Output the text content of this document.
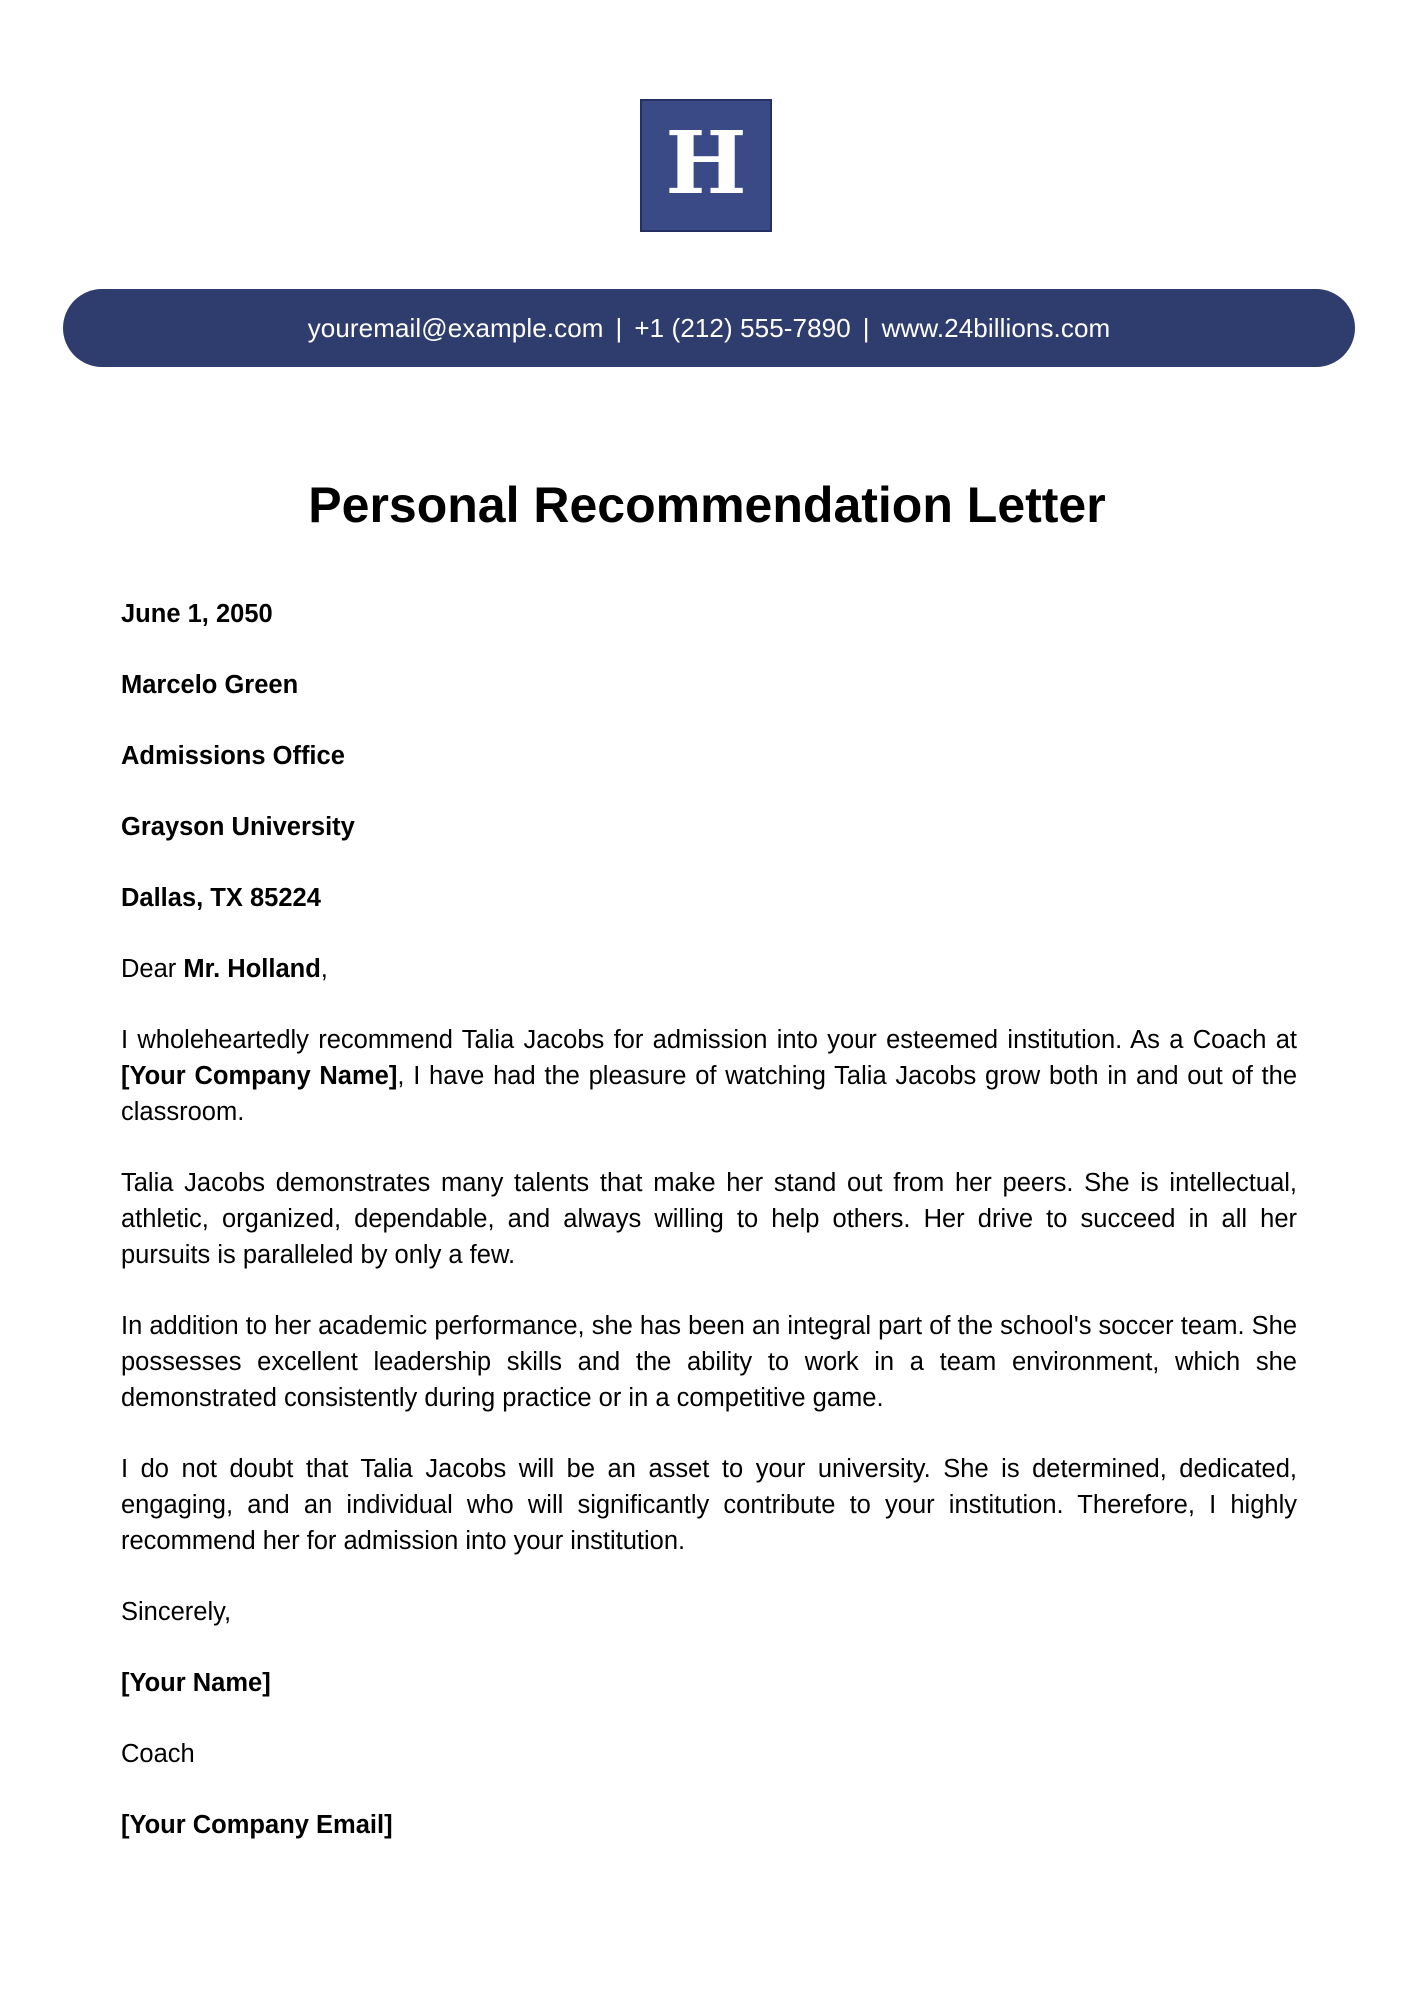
H
youremail@example.com | +1 (212) 555-7890 | www.24billions.com
Personal Recommendation Letter

June 1, 2050

Marcelo Green

Admissions Office

Grayson University

Dallas, TX 85224

Dear Mr. Holland,

I wholeheartedly recommend Talia Jacobs for admission into your esteemed institution. As a Coach at [Your Company Name], I have had the pleasure of watching Talia Jacobs grow both in and out of the classroom.

Talia Jacobs demonstrates many talents that make her stand out from her peers. She is intellectual, athletic, organized, dependable, and always willing to help others. Her drive to succeed in all her pursuits is paralleled by only a few.

In addition to her academic performance, she has been an integral part of the school's soccer team. She possesses excellent leadership skills and the ability to work in a team environment, which she demonstrated consistently during practice or in a competitive game.

I do not doubt that Talia Jacobs will be an asset to your university. She is determined, dedicated, engaging, and an individual who will significantly contribute to your institution. Therefore, I highly recommend her for admission into your institution.

Sincerely,

[Your Name]

Coach

[Your Company Email]
